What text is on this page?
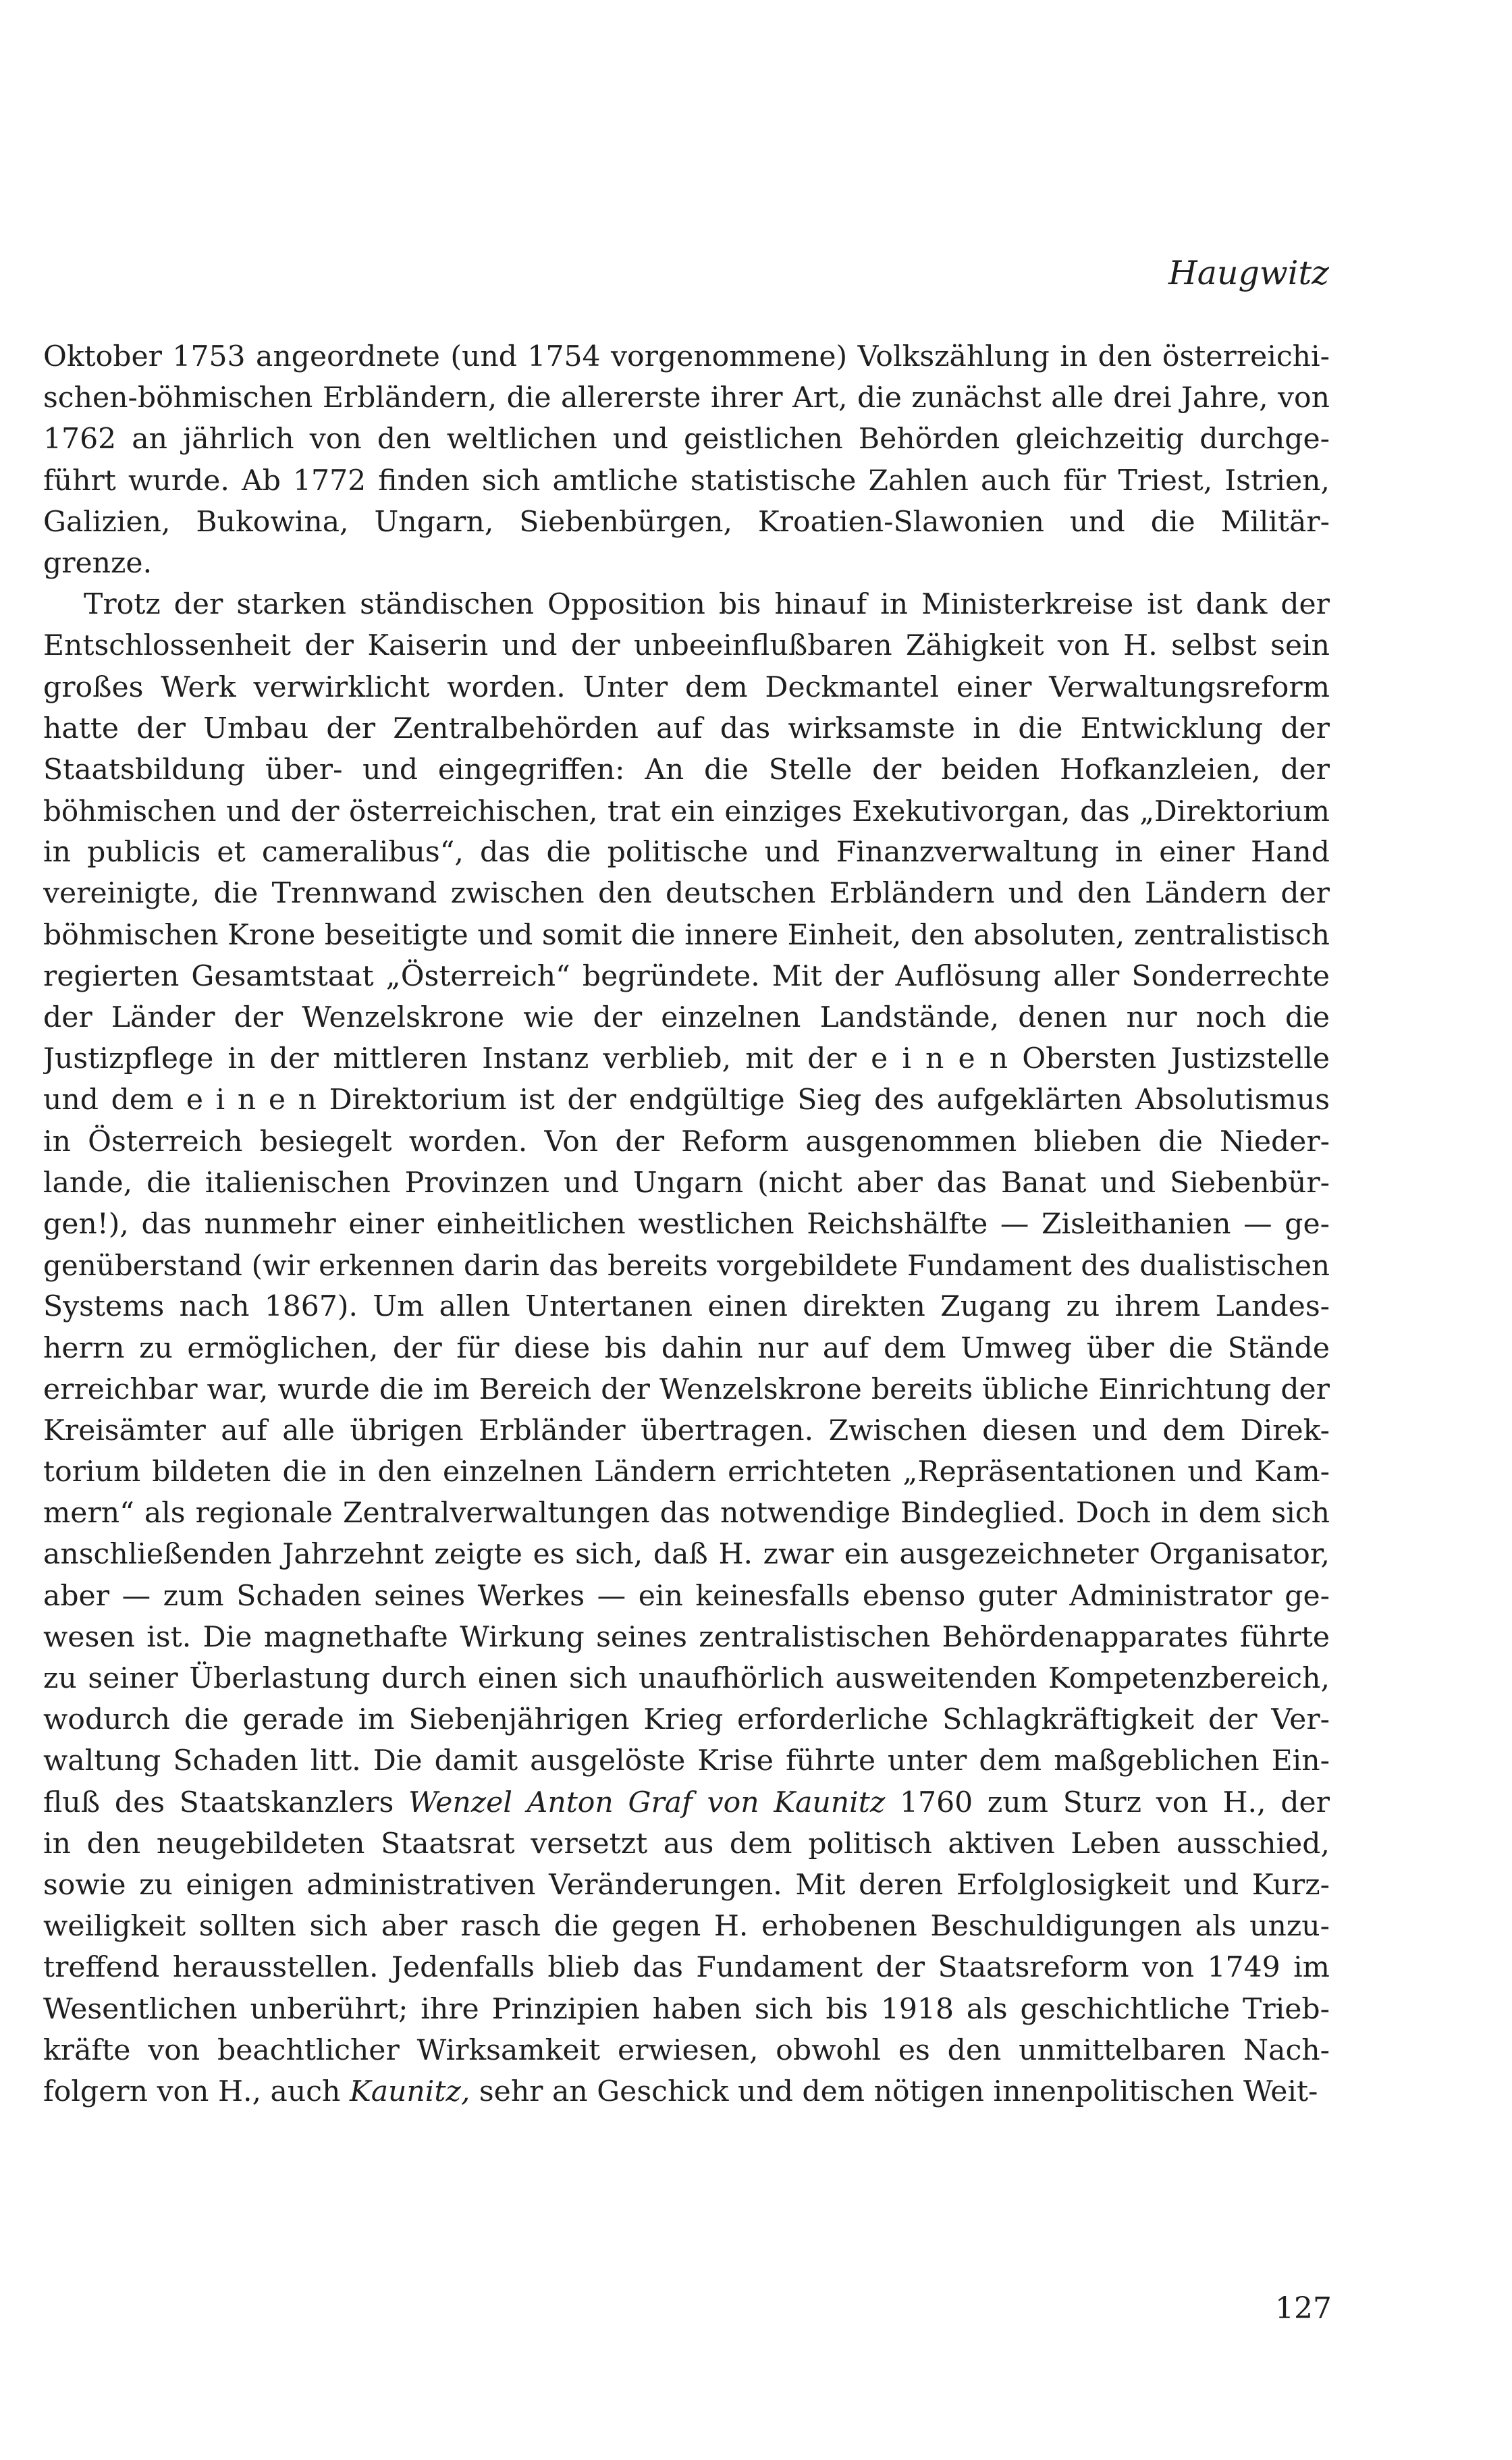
Haugwitz
Oktober 1753 angeordnete (und 1754 vorgenommene) Volkszählung in den österreichi-
schen-böhmischen Erbländern, die allererste ihrer Art, die zunächst alle drei Jahre, von
1762 an jährlich von den weltlichen und geistlichen Behörden gleichzeitig durchge-
führt wurde. Ab 1772 finden sich amtliche statistische Zahlen auch für Triest, Istrien,
Galizien, Bukowina, Ungarn, Siebenbürgen, Kroatien-Slawonien und die Militär-
grenze.
Trotz der starken ständischen Opposition bis hinauf in Ministerkreise ist dank der
Entschlossenheit der Kaiserin und der unbeeinflußbaren Zähigkeit von H. selbst sein
großes Werk verwirklicht worden. Unter dem Deckmantel einer Verwaltungsreform
hatte der Umbau der Zentralbehörden auf das wirksamste in die Entwicklung der
Staatsbildung über- und eingegriffen: An die Stelle der beiden Hofkanzleien, der
böhmischen und der österreichischen, trat ein einziges Exekutivorgan, das „Direktorium
in publicis et cameralibus“, das die politische und Finanzverwaltung in einer Hand
vereinigte, die Trennwand zwischen den deutschen Erbländern und den Ländern der
böhmischen Krone beseitigte und somit die innere Einheit, den absoluten, zentralistisch
regierten Gesamtstaat „Österreich“ begründete. Mit der Auflösung aller Sonderrechte
der Länder der Wenzelskrone wie der einzelnen Landstände, denen nur noch die
Justizpflege in der mittleren Instanz verblieb, mit der e i n e n Obersten Justizstelle
und dem e i n e n Direktorium ist der endgültige Sieg des aufgeklärten Absolutismus
in Österreich besiegelt worden. Von der Reform ausgenommen blieben die Nieder-
lande, die italienischen Provinzen und Ungarn (nicht aber das Banat und Siebenbür-
gen!), das nunmehr einer einheitlichen westlichen Reichshälfte — Zisleithanien — ge-
genüberstand (wir erkennen darin das bereits vorgebildete Fundament des dualistischen
Systems nach 1867). Um allen Untertanen einen direkten Zugang zu ihrem Landes-
herrn zu ermöglichen, der für diese bis dahin nur auf dem Umweg über die Stände
erreichbar war, wurde die im Bereich der Wenzelskrone bereits übliche Einrichtung der
Kreisämter auf alle übrigen Erbländer übertragen. Zwischen diesen und dem Direk-
torium bildeten die in den einzelnen Ländern errichteten „Repräsentationen und Kam-
mern“ als regionale Zentralverwaltungen das notwendige Bindeglied. Doch in dem sich
anschließenden Jahrzehnt zeigte es sich, daß H. zwar ein ausgezeichneter Organisator,
aber — zum Schaden seines Werkes — ein keinesfalls ebenso guter Administrator ge-
wesen ist. Die magnethafte Wirkung seines zentralistischen Behördenapparates führte
zu seiner Überlastung durch einen sich unaufhörlich ausweitenden Kompetenzbereich,
wodurch die gerade im Siebenjährigen Krieg erforderliche Schlagkräftigkeit der Ver-
waltung Schaden litt. Die damit ausgelöste Krise führte unter dem maßgeblichen Ein-
fluß des Staatskanzlers Wenzel Anton Graf von Kaunitz 1760 zum Sturz von H., der
in den neugebildeten Staatsrat versetzt aus dem politisch aktiven Leben ausschied,
sowie zu einigen administrativen Veränderungen. Mit deren Erfolglosigkeit und Kurz-
weiligkeit sollten sich aber rasch die gegen H. erhobenen Beschuldigungen als unzu-
treffend herausstellen. Jedenfalls blieb das Fundament der Staatsreform von 1749 im
Wesentlichen unberührt; ihre Prinzipien haben sich bis 1918 als geschichtliche Trieb-
kräfte von beachtlicher Wirksamkeit erwiesen, obwohl es den unmittelbaren Nach-
folgern von H., auch Kaunitz, sehr an Geschick und dem nötigen innenpolitischen Weit-
127
